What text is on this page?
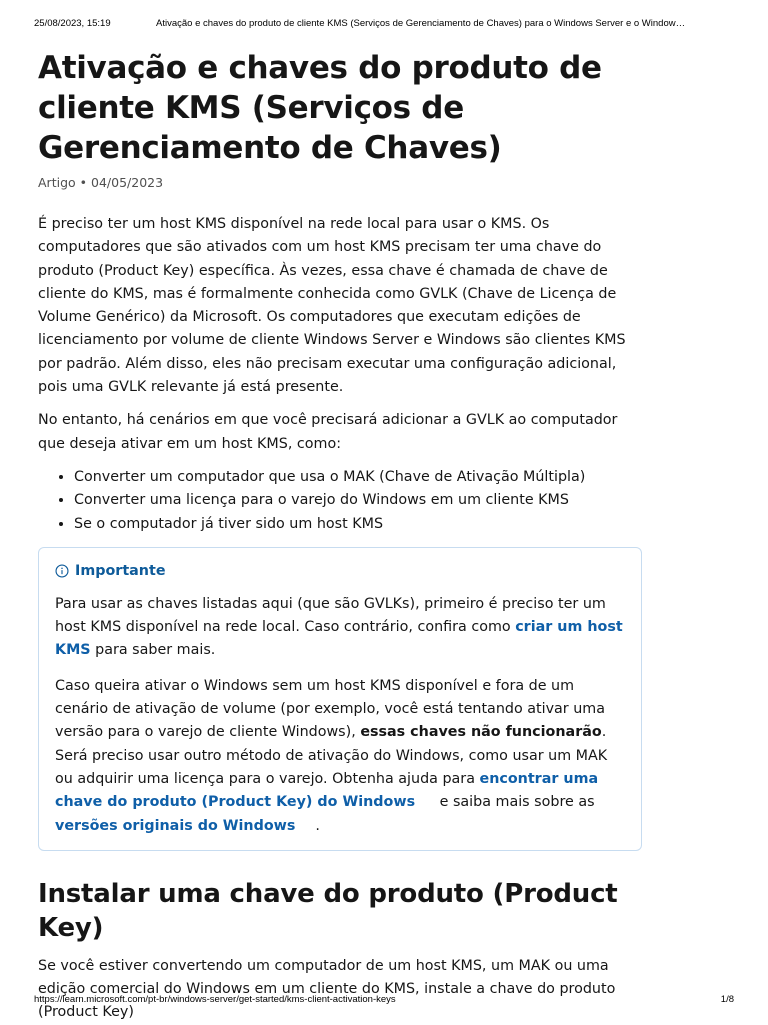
25/08/2023, 15:19	Ativação e chaves do produto de cliente KMS (Serviços de Gerenciamento de Chaves) para o Windows Server e o Window…
Ativação e chaves do produto de cliente KMS (Serviços de Gerenciamento de Chaves)
Artigo • 04/05/2023

É preciso ter um host KMS disponível na rede local para usar o KMS. Os computadores que são ativados com um host KMS precisam ter uma chave do produto (Product Key) específica. Às vezes, essa chave é chamada de chave de cliente do KMS, mas é formalmente conhecida como GVLK (Chave de Licença de Volume Genérico) da Microsoft. Os computadores que executam edições de licenciamento por volume de cliente Windows Server e Windows são clientes KMS por padrão. Além disso, eles não precisam executar uma configuração adicional, pois uma GVLK relevante já está presente.

No entanto, há cenários em que você precisará adicionar a GVLK ao computador que deseja ativar em um host KMS, como:

• Converter um computador que usa o MAK (Chave de Ativação Múltipla)
• Converter uma licença para o varejo do Windows em um cliente KMS
• Se o computador já tiver sido um host KMS
Importante

Para usar as chaves listadas aqui (que são GVLKs), primeiro é preciso ter um host KMS disponível na rede local. Caso contrário, confira como criar um host KMS para saber mais.

Caso queira ativar o Windows sem um host KMS disponível e fora de um cenário de ativação de volume (por exemplo, você está tentando ativar uma versão para o varejo de cliente Windows), essas chaves não funcionarão. Será preciso usar outro método de ativação do Windows, como usar um MAK ou adquirir uma licença para o varejo. Obtenha ajuda para encontrar uma chave do produto (Product Key) do Windows e saiba mais sobre as versões originais do Windows .

Instalar uma chave do produto (Product Key)

Se você estiver convertendo um computador de um host KMS, um MAK ou uma edição comercial do Windows em um cliente do KMS, instale a chave do produto (Product Key)

https://learn.microsoft.com/pt-br/windows-server/get-started/kms-client-activation-keys	1/8
